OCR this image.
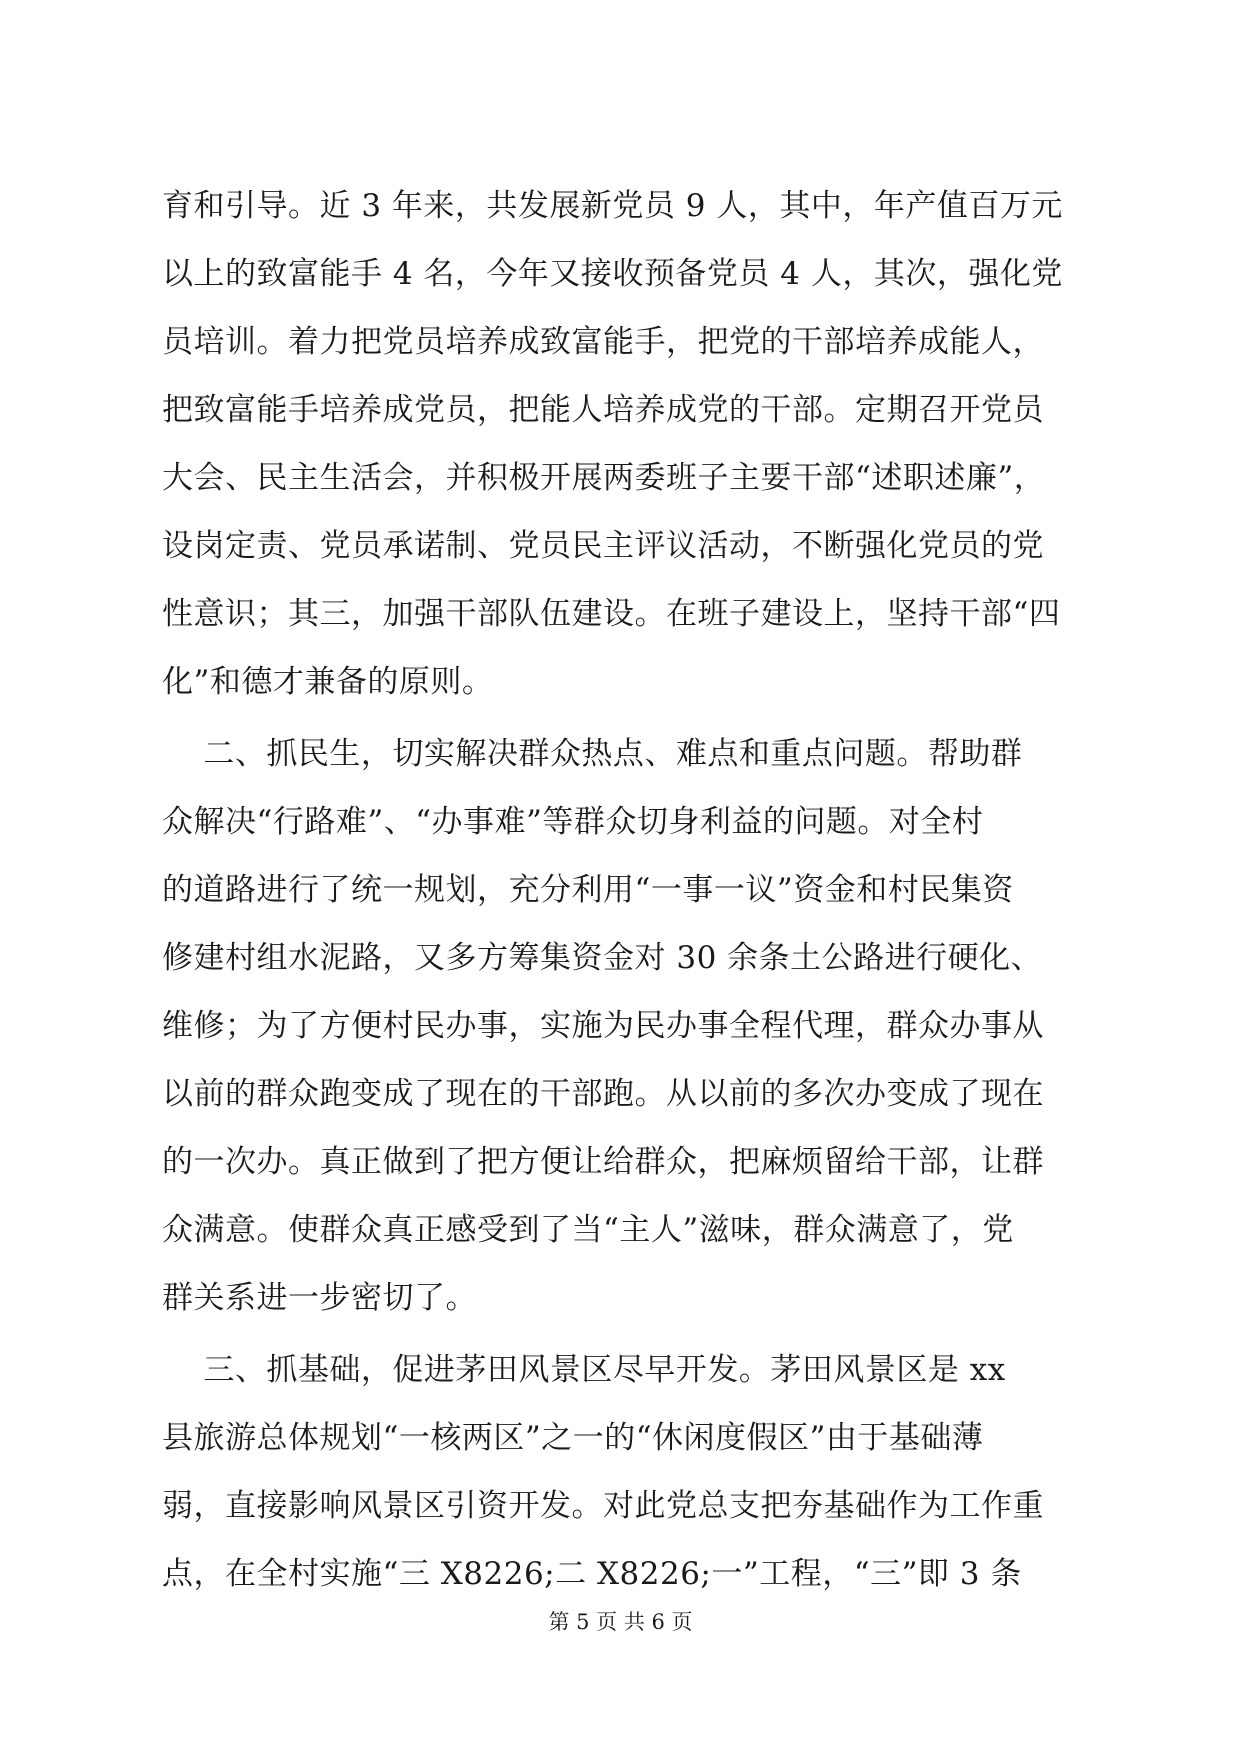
育和引导。近 3 年来，共发展新党员 9 人，其中，年产值百万元
以上的致富能手 4 名，今年又接收预备党员 4 人，其次，强化党
员培训。着力把党员培养成致富能手，把党的干部培养成能人，
把致富能手培养成党员，把能人培养成党的干部。定期召开党员
大会、民主生活会，并积极开展两委班子主要干部“述职述廉”，
设岗定责、党员承诺制、党员民主评议活动，不断强化党员的党
性意识；其三，加强干部队伍建设。在班子建设上，坚持干部“四
化”和德才兼备的原则。
二、抓民生，切实解决群众热点、难点和重点问题。帮助群
众解决“行路难”、“办事难”等群众切身利益的问题。对全村
的道路进行了统一规划，充分利用“一事一议”资金和村民集资
修建村组水泥路，又多方筹集资金对 30 余条土公路进行硬化、
维修；为了方便村民办事，实施为民办事全程代理，群众办事从
以前的群众跑变成了现在的干部跑。从以前的多次办变成了现在
的一次办。真正做到了把方便让给群众，把麻烦留给干部，让群
众满意。使群众真正感受到了当“主人”滋味，群众满意了，党
群关系进一步密切了。
三、抓基础，促进茅田风景区尽早开发。茅田风景区是 xx
县旅游总体规划“一核两区”之一的“休闲度假区”由于基础薄
弱，直接影响风景区引资开发。对此党总支把夯基础作为工作重
点，在全村实施“三 X8226;二 X8226;一”工程，“三”即 3 条
第 5 页 共 6 页
